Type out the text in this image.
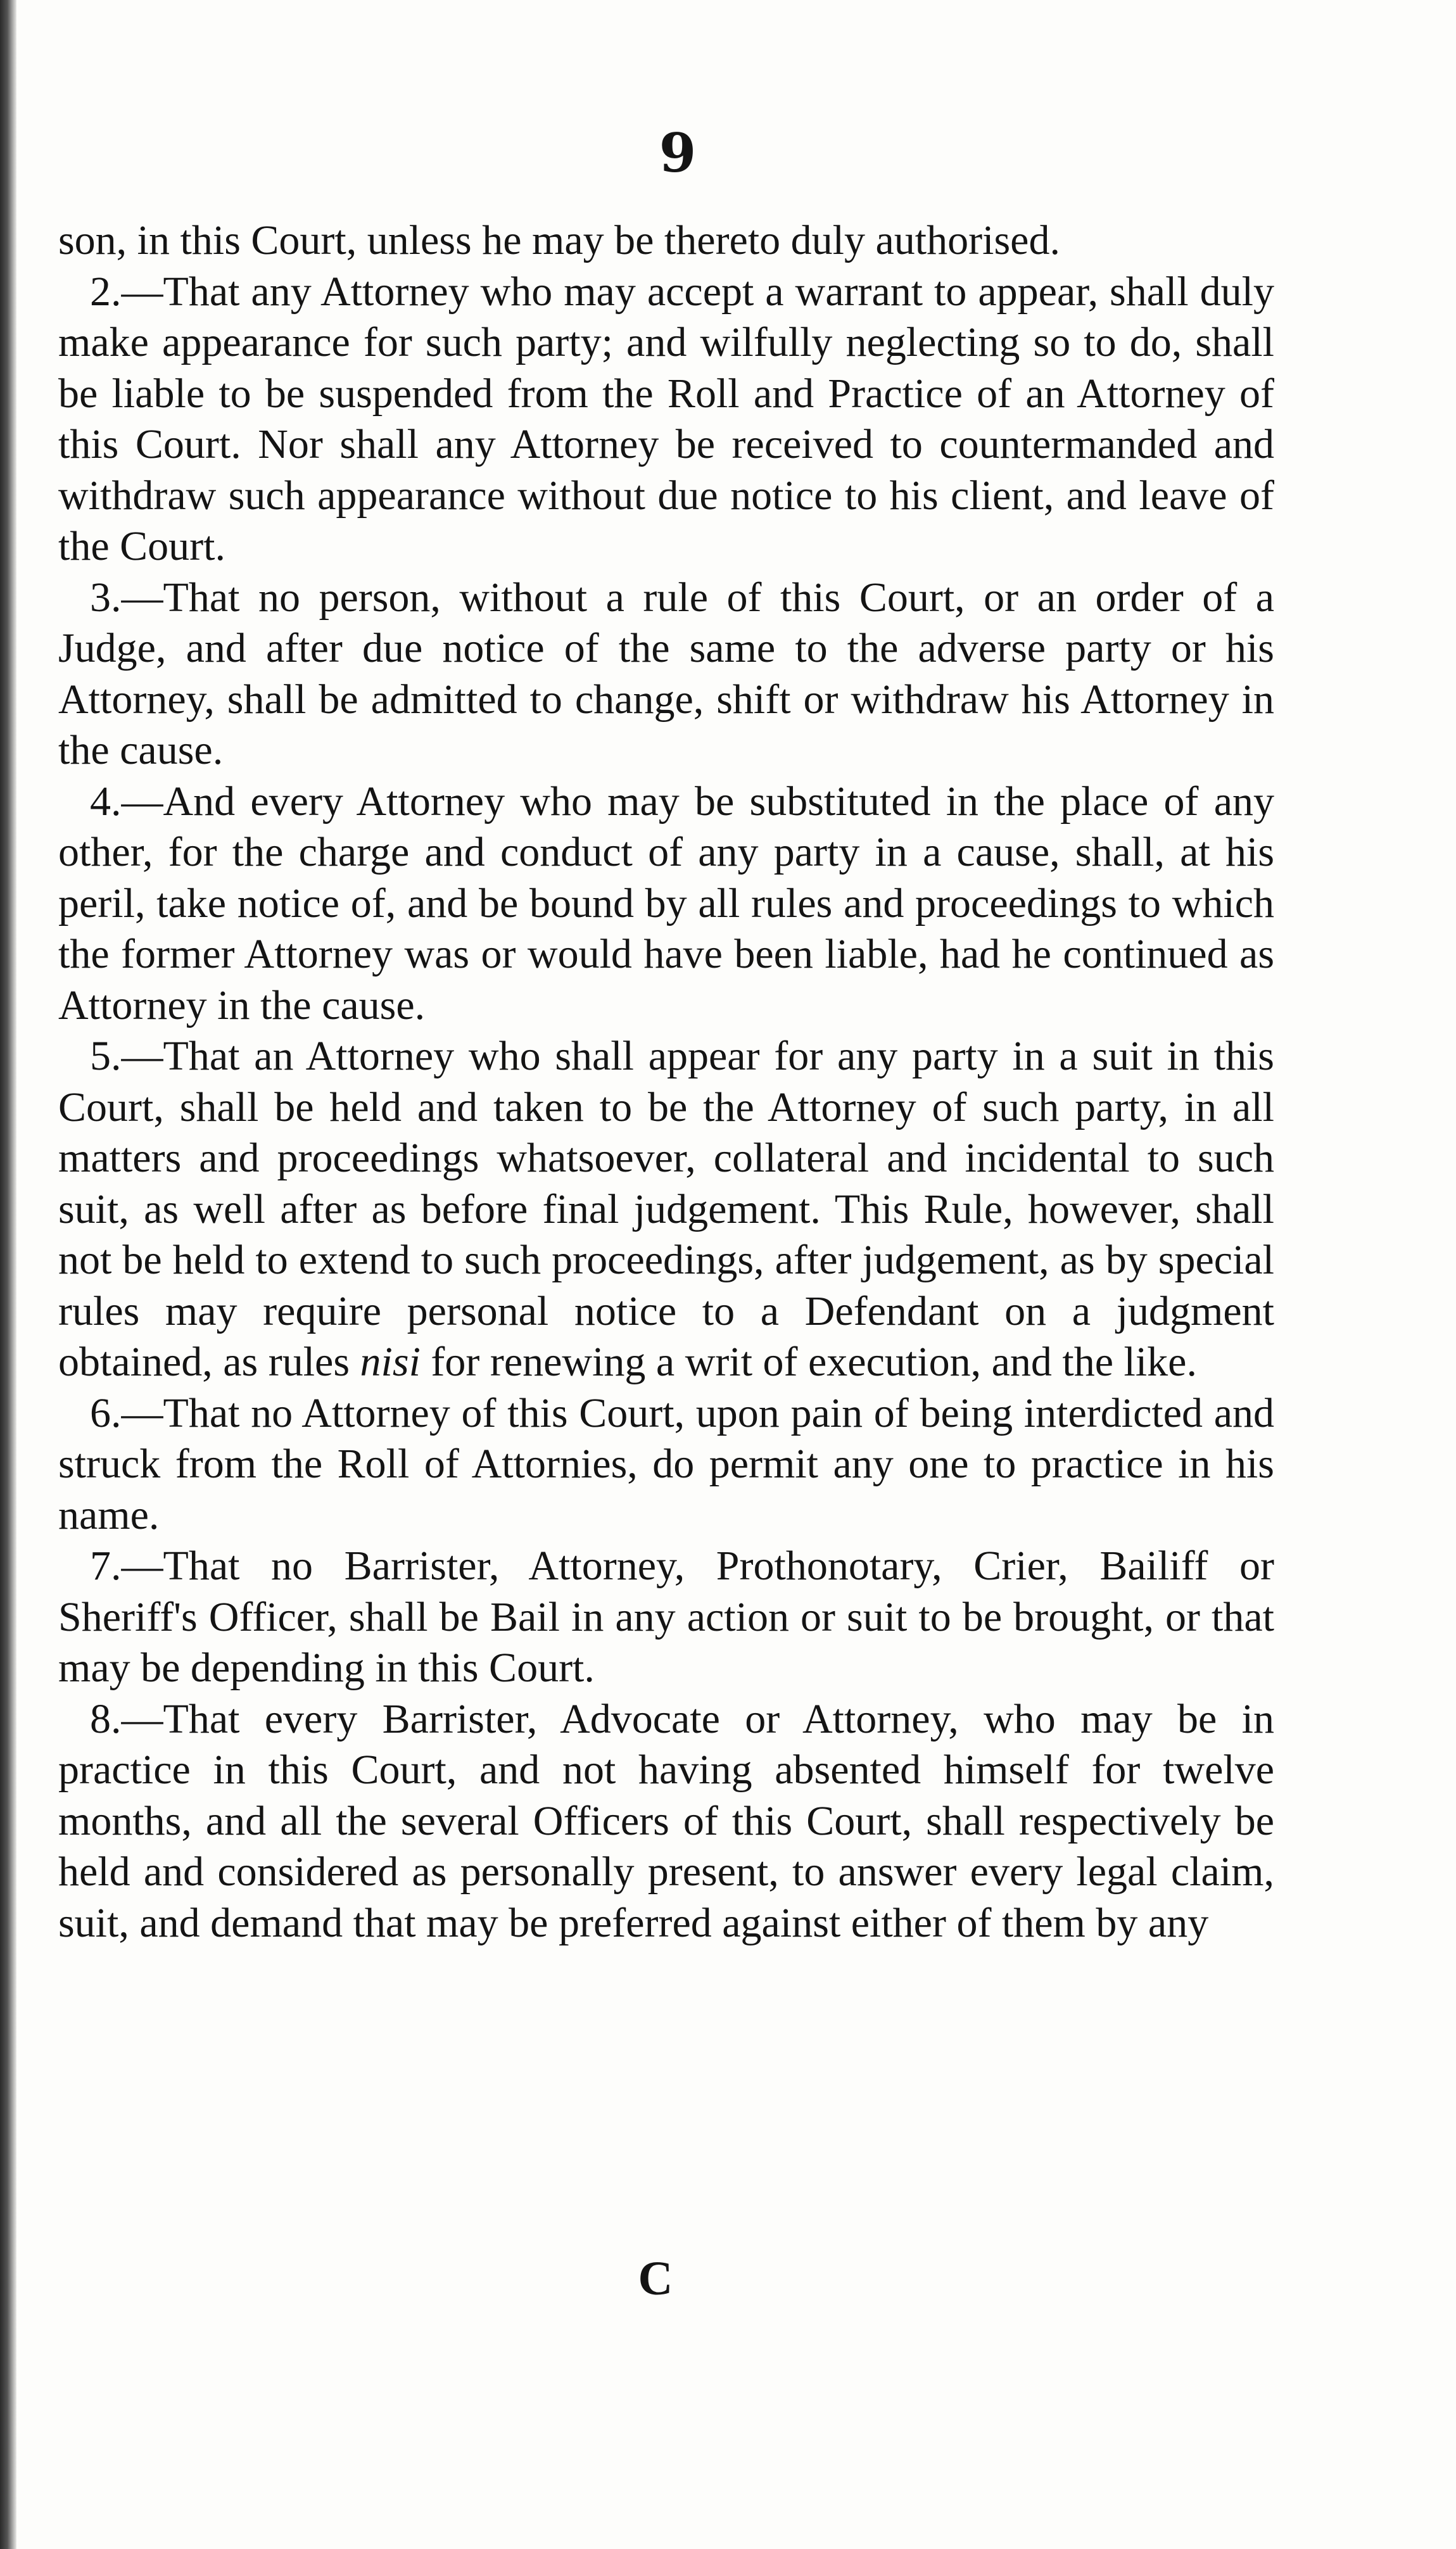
9

son, in this Court, unless he may be thereto duly authorised.

2.—That any Attorney who may accept a warrant to appear, shall duly make appearance for such party; and wilfully neglecting so to do, shall be liable to be suspended from the Roll and Practice of an Attorney of this Court. Nor shall any Attorney be received to countermanded and withdraw such appearance without due notice to his client, and leave of the Court.

3.—That no person, without a rule of this Court, or an order of a Judge, and after due notice of the same to the adverse party or his Attorney, shall be admitted to change, shift or withdraw his Attorney in the cause.

4.—And every Attorney who may be substituted in the place of any other, for the charge and conduct of any party in a cause, shall, at his peril, take notice of, and be bound by all rules and proceedings to which the former Attorney was or would have been liable, had he continued as Attorney in the cause.

5.—That an Attorney who shall appear for any party in a suit in this Court, shall be held and taken to be the Attorney of such party, in all matters and proceedings whatsoever, collateral and incidental to such suit, as well after as before final judgement. This Rule, however, shall not be held to extend to such proceedings, after judgement, as by special rules may require personal notice to a Defendant on a judgment obtained, as rules nisi for renewing a writ of execution, and the like.

6.—That no Attorney of this Court, upon pain of being interdicted and struck from the Roll of Attornies, do permit any one to practice in his name.

7.—That no Barrister, Attorney, Prothonotary, Crier, Bailiff or Sheriff's Officer, shall be Bail in any action or suit to be brought, or that may be depending in this Court.

8.—That every Barrister, Advocate or Attorney, who may be in practice in this Court, and not having absented himself for twelve months, and all the several Officers of this Court, shall respectively be held and considered as personally present, to answer every legal claim, suit, and demand that may be preferred against either of them by any

C
